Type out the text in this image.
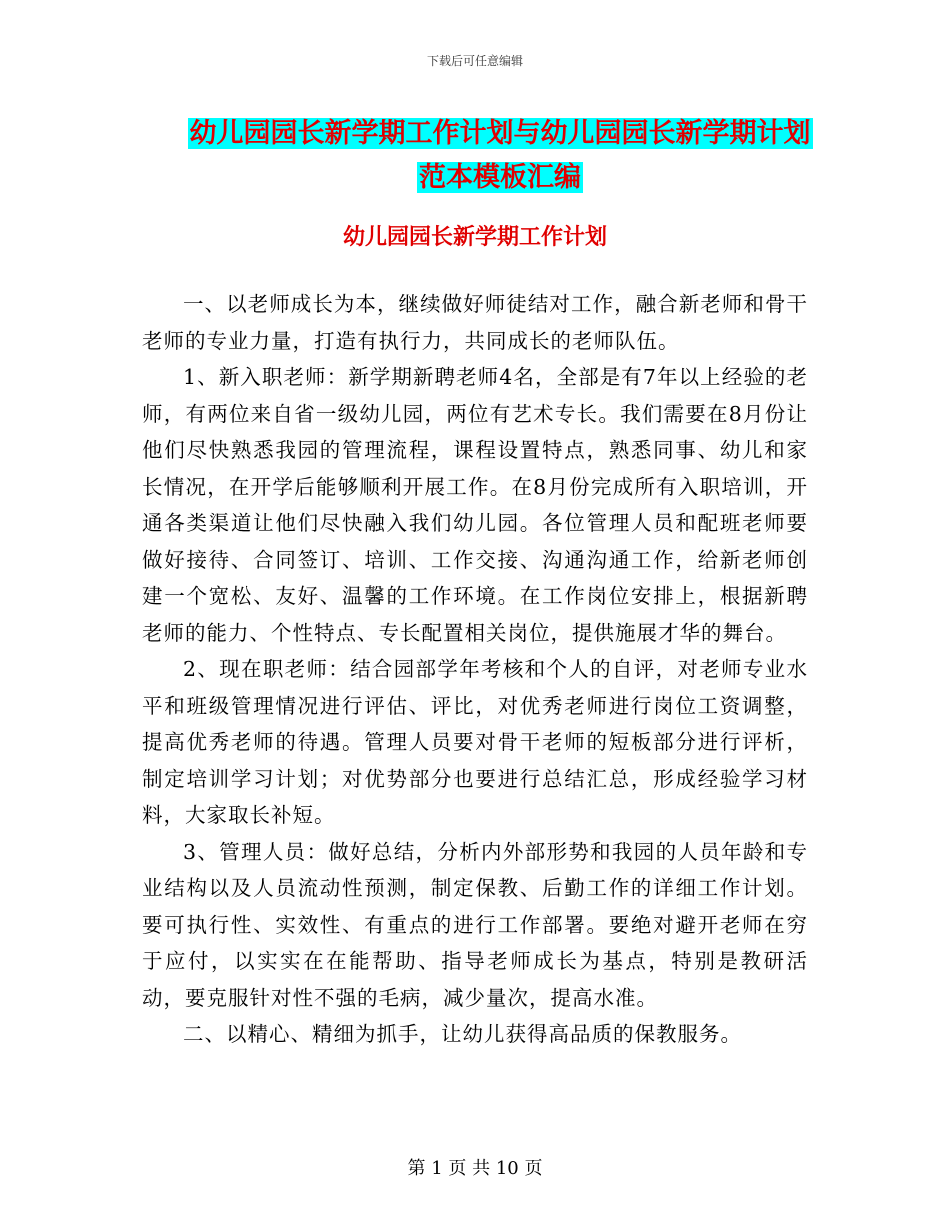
下载后可任意编辑
幼儿园园长新学期工作计划与幼儿园园长新学期计划
范本模板汇编
幼儿园园长新学期工作计划

一、以老师成长为本，继续做好师徒结对工作，融合新老师和骨干老师的专业力量，打造有执行力，共同成长的老师队伍。

1、新入职老师：新学期新聘老师4名，全部是有7年以上经验的老师，有两位来自省一级幼儿园，两位有艺术专长。我们需要在8月份让他们尽快熟悉我园的管理流程，课程设置特点，熟悉同事、幼儿和家长情况，在开学后能够顺利开展工作。在8月份完成所有入职培训，开通各类渠道让他们尽快融入我们幼儿园。各位管理人员和配班老师要做好接待、合同签订、培训、工作交接、沟通沟通工作，给新老师创建一个宽松、友好、温馨的工作环境。在工作岗位安排上，根据新聘老师的能力、个性特点、专长配置相关岗位，提供施展才华的舞台。

2、现在职老师：结合园部学年考核和个人的自评，对老师专业水平和班级管理情况进行评估、评比，对优秀老师进行岗位工资调整，提高优秀老师的待遇。管理人员要对骨干老师的短板部分进行评析，制定培训学习计划；对优势部分也要进行总结汇总，形成经验学习材料，大家取长补短。

3、管理人员：做好总结，分析内外部形势和我园的人员年龄和专业结构以及人员流动性预测，制定保教、后勤工作的详细工作计划。要可执行性、实效性、有重点的进行工作部署。要绝对避开老师在穷于应付，以实实在在能帮助、指导老师成长为基点，特别是教研活动，要克服针对性不强的毛病，减少量次，提高水准。

二、以精心、精细为抓手，让幼儿获得高品质的保教服务。

第 1 页 共 10 页
